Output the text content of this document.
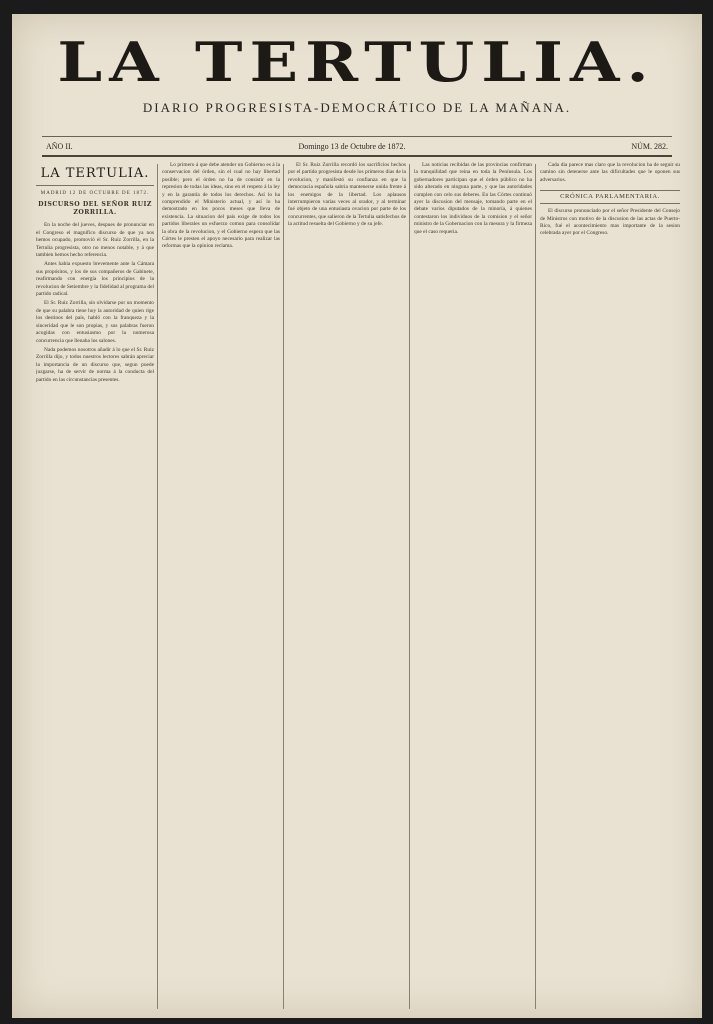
LA TERTULIA.
DIARIO PROGRESISTA-DEMOCRÁTICO DE LA MAÑANA.
AÑO II.	Domingo 13 de Octubre de 1872.	NÚM. 282.
LA TERTULIA.
MADRID 12 DE OCTUBRE DE 1872.
DISCURSO DEL SEÑOR RUIZ ZORRILLA.

En la noche del jueves, despues de pronunciar en el Congreso el magnífico discurso de que ya nos hemos ocupado, promovió el Sr. Ruiz Zorrilla, en la Tertulia progresista, otro no menos notable, y á que tambien hemos hecho referencia.

Antes habia expuesto brevemente ante la Cámara sus propósitos, y los de sus compañeros de Gabinete, reafirmando con energía los principios de la revolucion de Setiembre y la fidelidad al programa del partido radical.

El Sr. Ruiz Zorrilla, sin olvidarse por un momento de que su palabra tiene hoy la autoridad de quien rige los destinos del país, habló con la franqueza y la sinceridad que le son propias, y sus palabras fueron acogidas con entusiasmo por la numerosa concurrencia que llenaba los salones.

Nada podemos nosotros añadir á lo que el Sr. Ruiz Zorrilla dijo, y todos nuestros lectores sabrán apreciar la importancia de un discurso que, segun puede juzgarse, ha de servir de norma á la conducta del partido en las circunstancias presentes.

Lo primero á que debe atender un Gobierno es á la conservacion del órden, sin el cual no hay libertad posible; pero el órden no ha de consistir en la represion de todas las ideas, sino en el respeto á la ley y en la garantía de todos los derechos. Así lo ha comprendido el Ministerio actual, y así lo ha demostrado en los pocos meses que lleva de existencia. La situacion del país exige de todos los partidos liberales un esfuerzo comun para consolidar la obra de la revolucion, y el Gobierno espera que las Córtes le presten el apoyo necesario para realizar las reformas que la opinion reclama.

El Sr. Ruiz Zorrilla recordó los sacrificios hechos por el partido progresista desde los primeros dias de la revolucion, y manifestó su confianza en que la democracia española sabria mantenerse unida frente á los enemigos de la libertad. Los aplausos interrumpieron varias veces al orador, y al terminar fué objeto de una entusiasta ovacion por parte de los concurrentes, que salieron de la Tertulia satisfechos de la actitud resuelta del Gobierno y de su jefe.

Las noticias recibidas de las provincias confirman la tranquilidad que reina en toda la Península. Los gobernadores participan que el órden público no ha sido alterado en ninguna parte, y que las autoridades cumplen con celo sus deberes. En las Córtes continuó ayer la discusion del mensaje, tomando parte en el debate varios diputados de la minoría, á quienes contestaron los individuos de la comision y el señor ministro de la Gobernacion con la mesura y la firmeza que el caso requeria.

Cada dia parece mas claro que la revolucion ha de seguir su camino sin detenerse ante las dificultades que le oponen sus adversarios.

CRÓNICA PARLAMENTARIA.

El discurso pronunciado por el señor Presidente del Consejo de Ministros con motivo de la discusion de las actas de Puerto-Rico, fué el acontecimiento mas importante de la sesion celebrada ayer por el Congreso.
